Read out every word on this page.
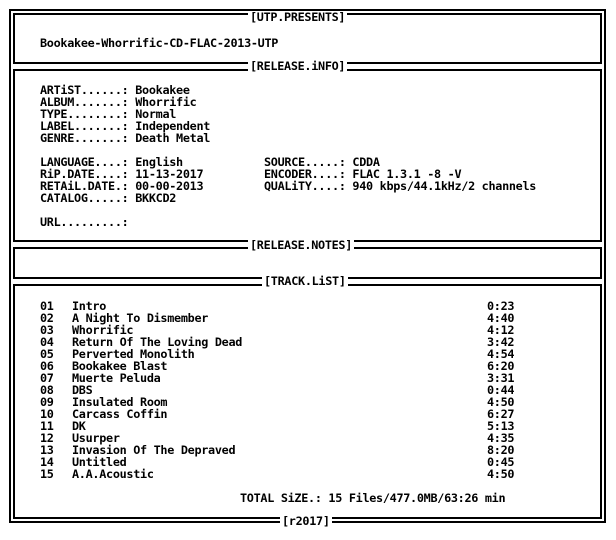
[UTP.PRESENTS]
[RELEASE.iNFO]
[RELEASE.NOTES]
[TRACK.LiST]
[r2017]
Bookakee-Whorrific-CD-FLAC-2013-UTP
ARTiST......: Bookakee
ALBUM.......: Whorrific
TYPE........: Normal
LABEL.......: Independent
GENRE.......: Death Metal
LANGUAGE....: English
RiP.DATE....: 11-13-2017
RETAiL.DATE.: 00-00-2013
CATALOG.....: BKKCD2
SOURCE.....: CDDA
ENCODER....: FLAC 1.3.1 -8 -V
QUALiTY....: 940 kbps/44.1kHz/2 channels
URL.........:
01 Intro	0:23
02 A Night To Dismember	4:40
03 Whorrific	4:12
04 Return Of The Loving Dead	3:42
05 Perverted Monolith	4:54
06 Bookakee Blast	6:20
07 Muerte Peluda	3:31
08 DBS	0:44
09 Insulated Room	4:50
10 Carcass Coffin	6:27
11 DK	5:13
12 Usurper	4:35
13 Invasion Of The Depraved	8:20
14 Untitled	0:45
15 A.A.Acoustic	4:50
TOTAL SiZE.: 15 Files/477.0MB/63:26 min
